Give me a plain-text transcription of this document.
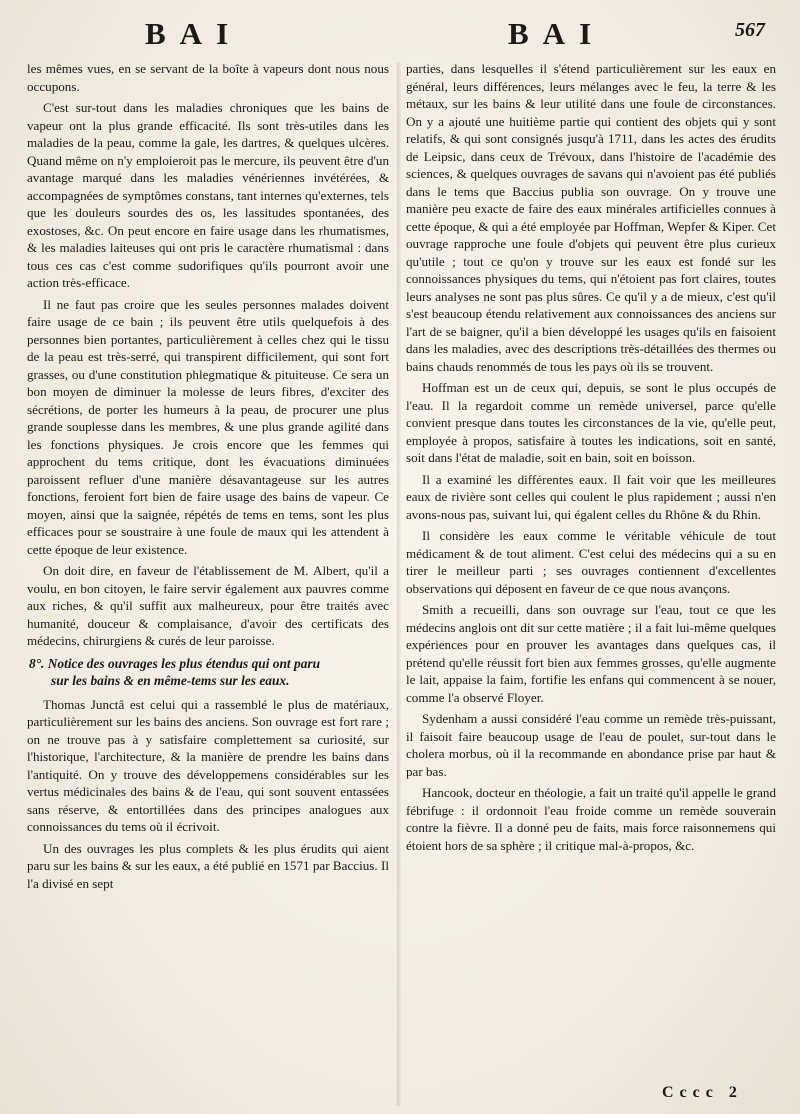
BAI	BAI	567

les mêmes vues, en se servant de la boîte à vapeurs dont nous nous occupons.

C'est sur-tout dans les maladies chroniques que les bains de vapeur ont la plus grande efficacité. Ils sont très-utiles dans les maladies de la peau, comme la gale, les dartres, & quelques ulcères. Quand même on n'y emploieroit pas le mercure, ils peuvent être d'un avantage marqué dans les maladies vénériennes invétérées, & accompagnées de symptômes constans, tant internes qu'externes, tels que les douleurs sourdes des os, les lassitudes spontanées, des exostoses, &c. On peut encore en faire usage dans les rhumatismes, & les maladies laiteuses qui ont pris le caractère rhumatismal : dans tous ces cas c'est comme sudorifiques qu'ils pourront avoir une action très-efficace.

Il ne faut pas croire que les seules personnes malades doivent faire usage de ce bain ; ils peuvent être utils quelquefois à des personnes bien portantes, particulièrement à celles chez qui le tissu de la peau est très-serré, qui transpirent difficilement, qui sont fort grasses, ou d'une constitution phlegmatique & pituiteuse. Ce sera un bon moyen de diminuer la molesse de leurs fibres, d'exciter des sécrétions, de porter les humeurs à la peau, de procurer une plus grande souplesse dans les membres, & une plus grande agilité dans les fonctions physiques. Je crois encore que les femmes qui approchent du tems critique, dont les évacuations diminuées paroissent refluer d'une manière désavantageuse sur les autres fonctions, feroient fort bien de faire usage des bains de vapeur. Ce moyen, ainsi que la saignée, répétés de tems en tems, sont les plus efficaces pour se soustraire à une foule de maux qui les attendent à cette époque de leur existence.

On doit dire, en faveur de l'établissement de M. Albert, qu'il a voulu, en bon citoyen, le faire servir également aux pauvres comme aux riches, & qu'il suffit aux malheureux, pour être traités avec humanité, douceur & complaisance, d'avoir des certificats des médecins, chirurgiens & curés de leur paroisse.

8°. Notice des ouvrages les plus étendus qui ont paru
sur les bains & en même-tems sur les eaux.

Thomas Junctâ est celui qui a rassemblé le plus de matériaux, particulièrement sur les bains des anciens. Son ouvrage est fort rare ; on ne trouve pas à y satisfaire complettement sa curiosité, sur l'historique, l'architecture, & la manière de prendre les bains dans l'antiquité. On y trouve des développemens considérables sur les vertus médicinales des bains & de l'eau, qui sont souvent entassées sans réserve, & entortillées dans des principes analogues aux connoissances du tems où il écrivoit.

Un des ouvrages les plus complets & les plus érudits qui aient paru sur les bains & sur les eaux, a été publié en 1571 par Baccius. Il l'a divisé en sept

parties, dans lesquelles il s'étend particulièrement sur les eaux en général, leurs différences, leurs mélanges avec le feu, la terre & les métaux, sur les bains & leur utilité dans une foule de circonstances. On y a ajouté une huitième partie qui contient des objets qui y sont relatifs, & qui sont consignés jusqu'à 1711, dans les actes des érudits de Leipsic, dans ceux de Trévoux, dans l'histoire de l'académie des sciences, & quelques ouvrages de savans qui n'avoient pas été publiés dans le tems que Baccius publia son ouvrage. On y trouve une manière peu exacte de faire des eaux minérales artificielles connues à cette époque, & qui a été employée par Hoffman, Wepfer & Kiper. Cet ouvrage rapproche une foule d'objets qui peuvent être plus curieux qu'utile ; tout ce qu'on y trouve sur les eaux est fondé sur les connoissances physiques du tems, qui n'étoient pas fort claires, toutes leurs analyses ne sont pas plus sûres. Ce qu'il y a de mieux, c'est qu'il s'est beaucoup étendu relativement aux connoissances des anciens sur l'art de se baigner, qu'il a bien développé les usages qu'ils en faisoient dans les maladies, avec des descriptions très-détaillées des thermes ou bains chauds renommés de tous les pays où ils se trouvent.

Hoffman est un de ceux qui, depuis, se sont le plus occupés de l'eau. Il la regardoit comme un remède universel, parce qu'elle convient presque dans toutes les circonstances de la vie, qu'elle peut, employée à propos, satisfaire à toutes les indications, soit en santé, soit dans l'état de maladie, soit en bain, soit en boisson.

Il a examiné les différentes eaux. Il fait voir que les meilleures eaux de rivière sont celles qui coulent le plus rapidement ; aussi n'en avons-nous pas, suivant lui, qui égalent celles du Rhône & du Rhin.

Il considère les eaux comme le véritable véhicule de tout médicament & de tout aliment. C'est celui des médecins qui a su en tirer le meilleur parti ; ses ouvrages contiennent d'excellentes observations qui déposent en faveur de ce que nous avançons.

Smith a recueilli, dans son ouvrage sur l'eau, tout ce que les médecins anglois ont dit sur cette matière ; il a fait lui-même quelques expériences pour en prouver les avantages dans quelques cas, il prétend qu'elle réussit fort bien aux femmes grosses, qu'elle augmente le lait, appaise la faim, fortifie les enfans qui commencent à se nouer, comme l'a observé Floyer.

Sydenham a aussi considéré l'eau comme un remède très-puissant, il faisoit faire beaucoup usage de l'eau de poulet, sur-tout dans le cholera morbus, où il la recommande en abondance prise par haut & par bas.

Hancook, docteur en théologie, a fait un traité qu'il appelle le grand fébrifuge : il ordonnoit l'eau froide comme un remède souverain contre la fièvre. Il a donné peu de faits, mais force raisonnemens qui étoient hors de sa sphère ; il critique mal-à-propos, &c.

Cccc 2
